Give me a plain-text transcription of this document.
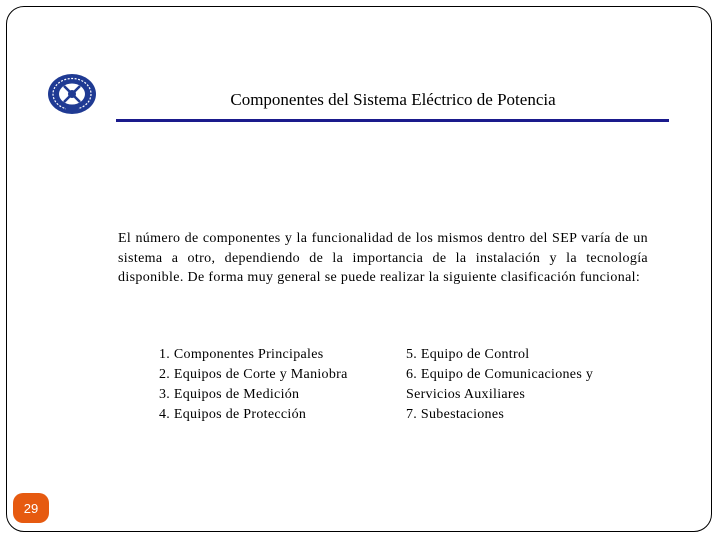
Componentes del Sistema Eléctrico de Potencia
El número de componentes y la funcionalidad de los mismos dentro del SEP varía de un sistema a otro, dependiendo de la importancia de la instalación y la tecnología disponible. De forma muy general se puede realizar la siguiente clasificación funcional:
1. Componentes Principales
2. Equipos de Corte y Maniobra
3. Equipos de Medición
4. Equipos de Protección
5. Equipo de Control
6. Equipo de Comunicaciones y
Servicios Auxiliares
7. Subestaciones
29
